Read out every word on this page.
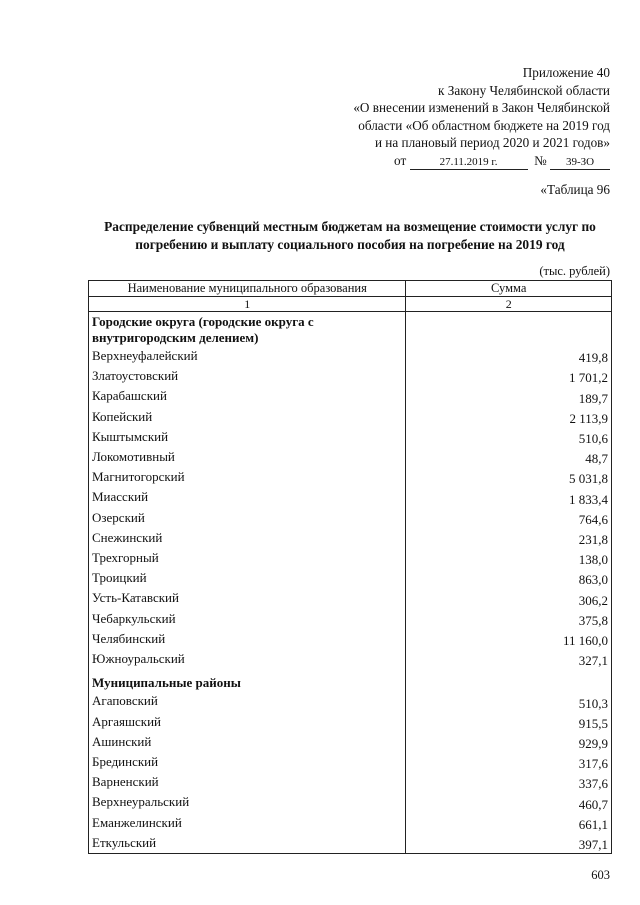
Приложение 40
к Закону Челябинской области
«О внесении изменений в Закон Челябинской
области «Об областном бюджете на 2019 год
и на плановый период 2020 и 2021 годов»
от	27.11.2019 г.	№ 39-ЗО
«Таблица 96
Распределение субвенций местным бюджетам на возмещение стоимости услуг по погребению и выплату социального пособия на погребение на 2019 год
(тыс. рублей)
Наименование муниципального образования	Сумма
1	2
Городские округа (городские округа с внутригородским делением)	
Верхнеуфалейский	419,8
Златоустовский	1 701,2
Карабашский	189,7
Копейский	2 113,9
Кыштымский	510,6
Локомотивный	48,7
Магнитогорский	5 031,8
Миасский	1 833,4
Озерский	764,6
Снежинский	231,8
Трехгорный	138,0
Троицкий	863,0
Усть-Катавский	306,2
Чебаркульский	375,8
Челябинский	11 160,0
Южноуральский	327,1
Муниципальные районы	
Агаповский	510,3
Аргаяшский	915,5
Ашинский	929,9
Брединский	317,6
Варненский	337,6
Верхнеуральский	460,7
Еманжелинский	661,1
Еткульский	397,1
603
